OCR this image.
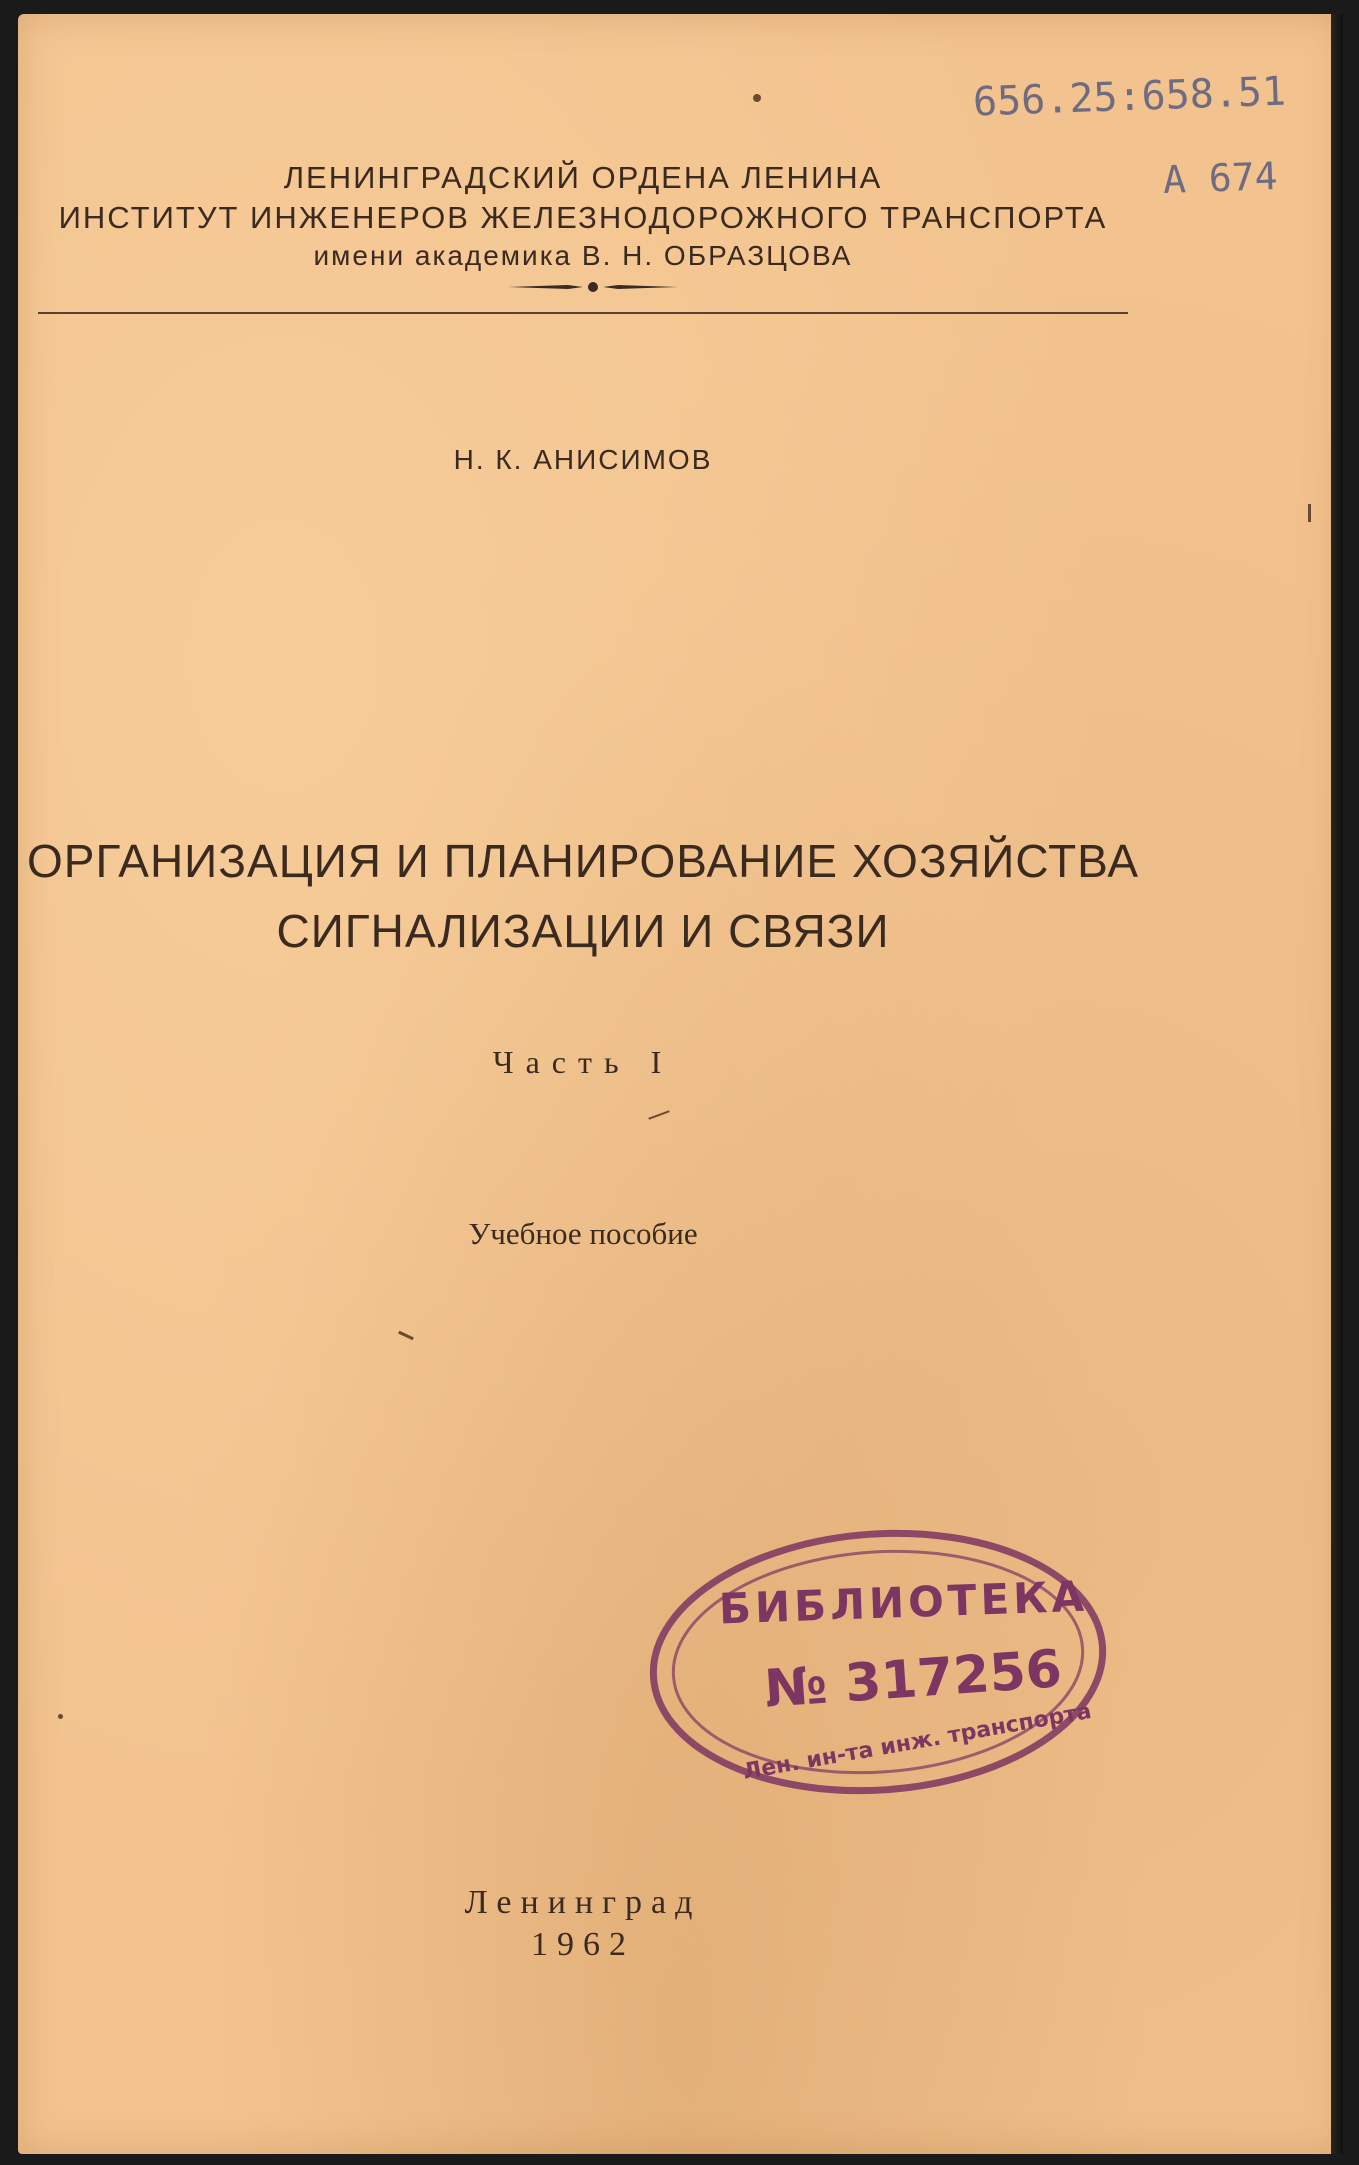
656.25:658.51
А 674
ЛЕНИНГРАДСКИЙ ОРДЕНА ЛЕНИНА
ИНСТИТУТ ИНЖЕНЕРОВ ЖЕЛЕЗНОДОРОЖНОГО ТРАНСПОРТА
имени академика В. Н. ОБРАЗЦОВА
Н. К. АНИСИМОВ
ОРГАНИЗАЦИЯ И ПЛАНИРОВАНИЕ ХОЗЯЙСТВА
СИГНАЛИЗАЦИИ И СВЯЗИ
Часть I
Учебное пособие
БИБЛИОТЕКА
№ 317256
Лен. ин-та инж. транспорта
Ленинград
1962
